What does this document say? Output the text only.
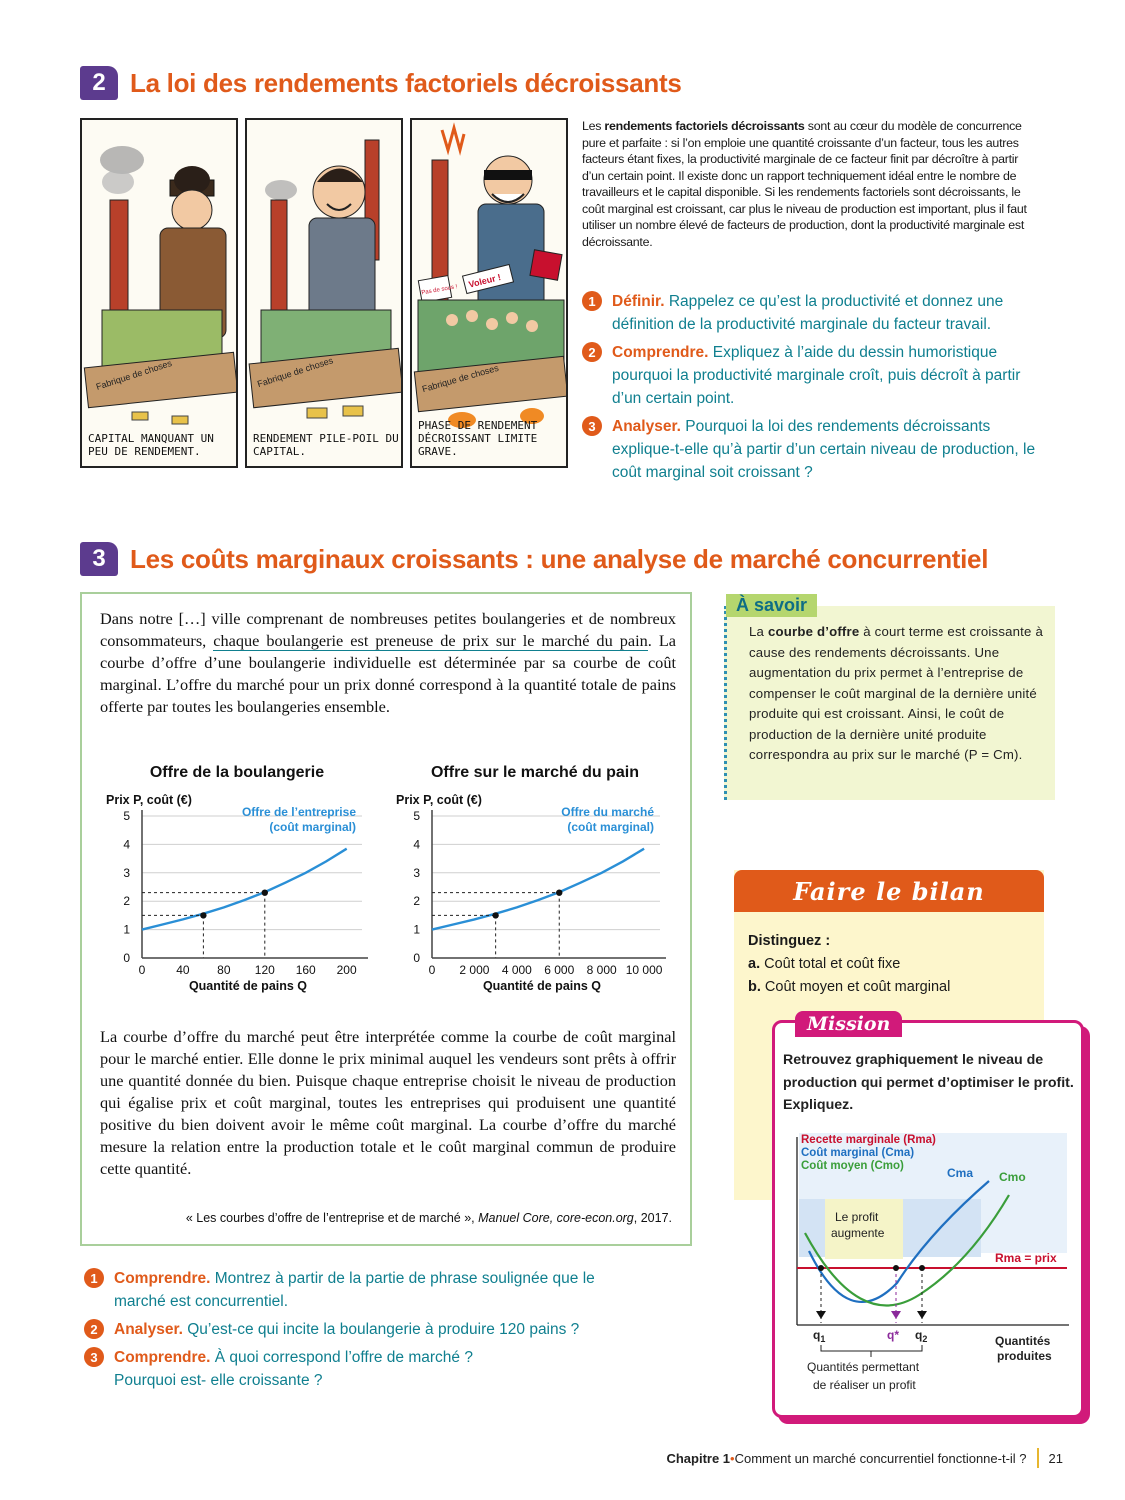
2 La loi des rendements factoriels décroissants
Fabrique de choses
CAPITAL MANQUANT UN PEU DE RENDEMENT.
Fabrique de choses
RENDEMENT PILE-POIL DU CAPITAL.
Voleur !
Pas de sous !
Fabrique de choses
PHASE DE RENDEMENT DÉCROISSANT LIMITE GRAVE.
Les rendements factoriels décroissants sont au cœur du modèle de concurrence pure et parfaite : si l’on emploie une quantité croissante d’un facteur, tous les autres facteurs étant fixes, la productivité marginale de ce facteur finit par décroître à partir d’un certain point. Il existe donc un rapport techniquement idéal entre le nombre de travailleurs et le capital disponible. Si les rendements factoriels sont décroissants, le coût marginal est croissant, car plus le niveau de production est important, plus il faut utiliser un nombre élevé de facteurs de production, dont la productivité marginale est décroissante.
1	Définir. Rappelez ce qu’est la productivité et donnez une définition de la productivité marginale du facteur travail.
2	Comprendre. Expliquez à l’aide du dessin humoristique pourquoi la productivité marginale croît, puis décroît à partir d’un certain point.
3	Analyser. Pourquoi la loi des rendements décroissants explique-t-elle qu’à partir d’un certain niveau de production, le coût marginal soit croissant ?
3 Les coûts marginaux croissants : une analyse de marché concurrentiel
Dans notre […] ville comprenant de nombreuses petites boulangeries et de nombreux consommateurs, chaque boulangerie est preneuse de prix sur le marché du pain. La courbe d’offre d’une boulangerie individuelle est déterminée par sa courbe de coût marginal. L’offre du marché pour un prix donné correspond à la quantité totale de pains offerte par toutes les boulangeries ensemble.
Offre de la boulangerie	Offre sur le marché du pain
Prix P, coût (€)
0
1
2
3
4
5
0	40 80 120 160 200
Quantité de pains Q
Offre de l’entreprise
(coût marginal)
Prix P, coût (€)
0
1
2
3
4
5
0 2 000 4 000 6 000 8 000 10 000
Quantité de pains Q
Offre du marché
(coût marginal)
La courbe d’offre du marché peut être interprétée comme la courbe de coût marginal pour le marché entier. Elle donne le prix minimal auquel les vendeurs sont prêts à offrir une quantité donnée du bien. Puisque chaque entreprise choisit le niveau de production qui égalise prix et coût marginal, toutes les entreprises qui produisent une quantité positive du bien doivent avoir le même coût marginal. La courbe d’offre du marché mesure la relation entre la production totale et le coût marginal commun de produire cette quantité.
« Les courbes d’offre de l’entreprise et de marché », Manuel Core, core-econ.org, 2017.
1	Comprendre. Montrez à partir de la partie de phrase soulignée que le marché est concurrentiel.
2	Analyser. Qu’est-ce qui incite la boulangerie à produire 120 pains ?
3	Comprendre. À quoi correspond l’offre de marché ? Pourquoi est- elle croissante ?
La courbe d’offre à court terme est croissante à cause des rendements décroissants. Une augmentation du prix permet à l’entreprise de compenser le coût marginal de la dernière unité produite qui est croissant. Ainsi, le coût de production de la dernière unité produite correspondra au prix sur le marché (P = Cm).
À savoir
Faire le bilan
Distinguez :
a. Coût total et coût fixe
b. Coût moyen et coût marginal
Mission
Retrouvez graphiquement le niveau de production qui permet d’optimiser le profit. Expliquez.
Recette marginale (Rma)
Coût marginal (Cma)
Coût moyen (Cmo)
Le profit
augmente
Rma = prix
Cma Cmo
$q_1$	q* $q_2$
Quantités permettant
de réaliser un profit
Quantités
produites
Chapitre 1 • Comment un marché concurrentiel fonctionne-t-il ? 21
